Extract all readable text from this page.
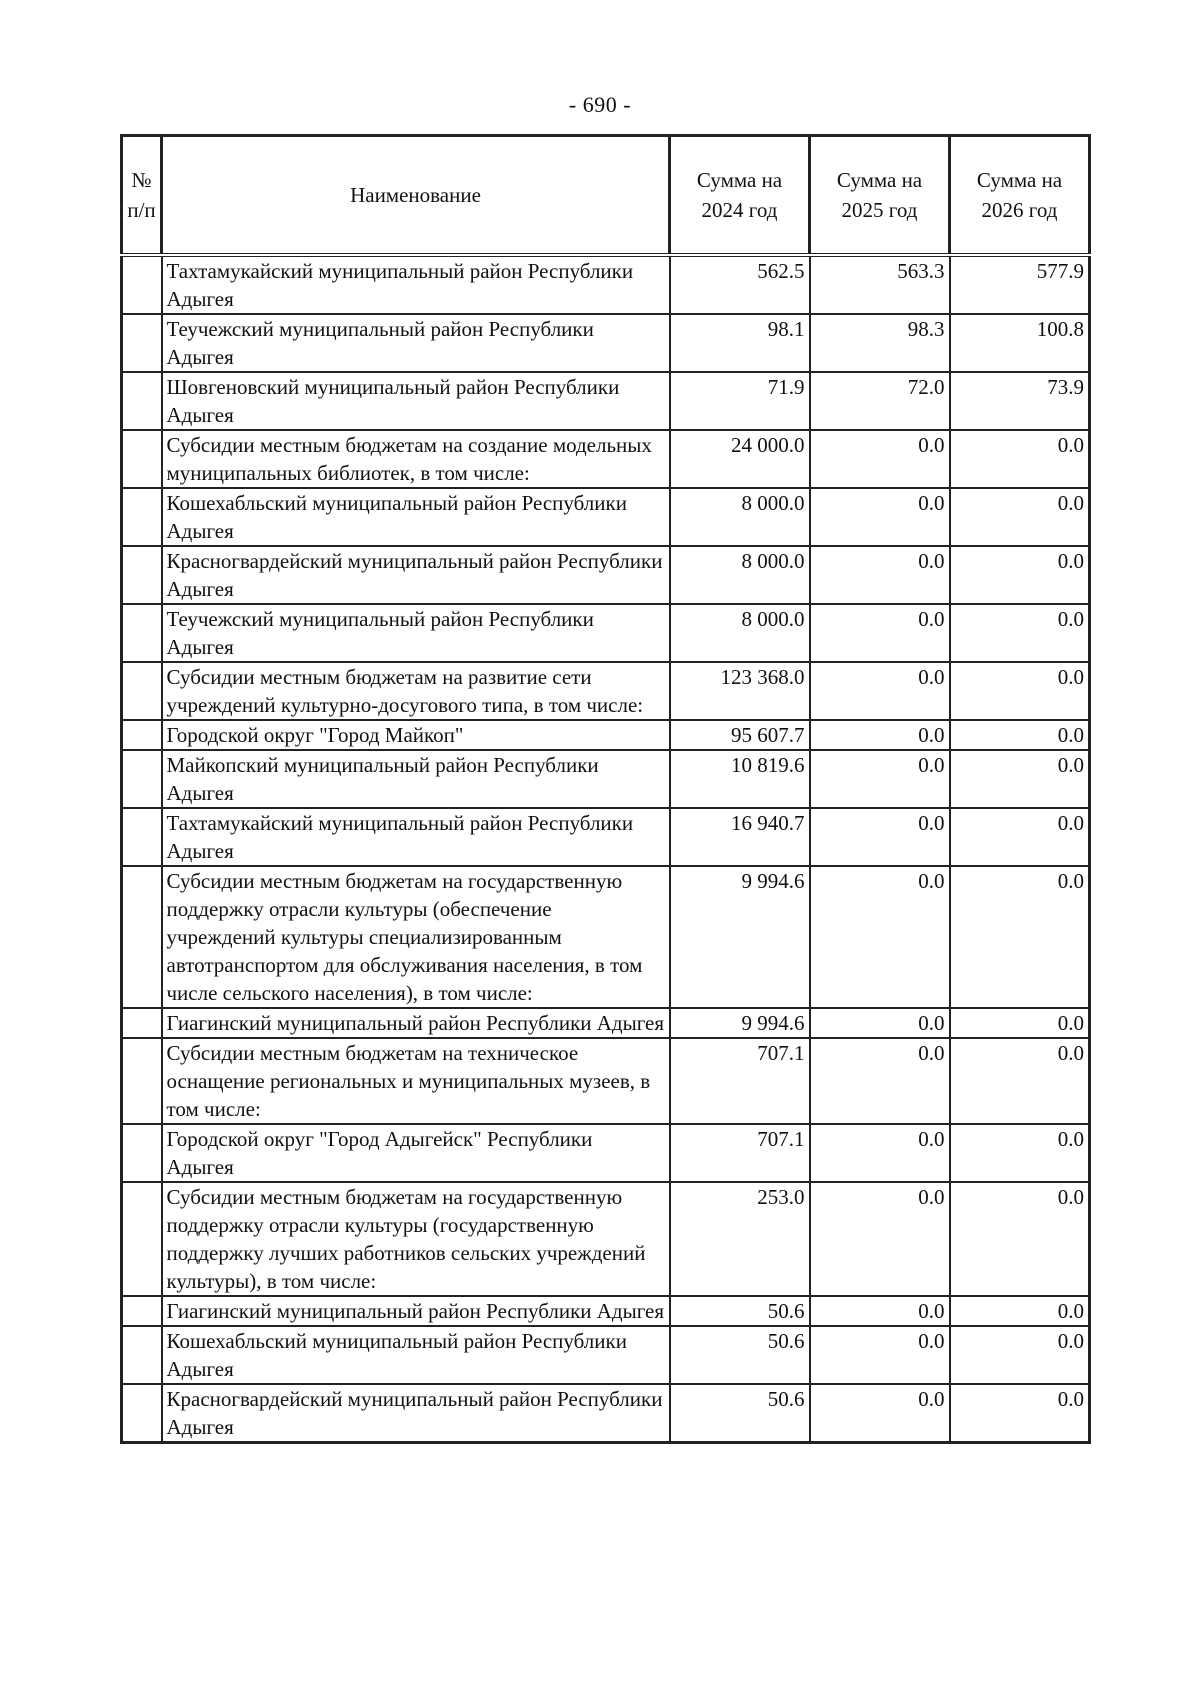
- 690 -
№ п/п	Наименование	Сумма на 2024 год	Сумма на 2025 год	Сумма на 2026 год
	Тахтамукайский муниципальный район Республики Адыгея	562.5	563.3	577.9
	Теучежский муниципальный район Республики Адыгея	98.1	98.3	100.8
	Шовгеновский муниципальный район Республики Адыгея	71.9	72.0	73.9
	Субсидии местным бюджетам на создание модельных муниципальных библиотек, в том числе:	24 000.0	0.0	0.0
	Кошехабльский муниципальный район Республики Адыгея	8 000.0	0.0	0.0
	Красногвардейский муниципальный район Республики Адыгея	8 000.0	0.0	0.0
	Теучежский муниципальный район Республики Адыгея	8 000.0	0.0	0.0
	Субсидии местным бюджетам на развитие сети учреждений культурно-досугового типа, в том числе:	123 368.0	0.0	0.0
	Городской округ "Город Майкоп"	95 607.7	0.0	0.0
	Майкопский муниципальный район Республики Адыгея	10 819.6	0.0	0.0
	Тахтамукайский муниципальный район Республики Адыгея	16 940.7	0.0	0.0
	Субсидии местным бюджетам на государственную поддержку отрасли культуры (обеспечение учреждений культуры специализированным автотранспортом для обслуживания населения, в том числе сельского населения), в том числе:	9 994.6	0.0	0.0
	Гиагинский муниципальный район Республики Адыгея	9 994.6	0.0	0.0
	Субсидии местным бюджетам на техническое оснащение региональных и муниципальных музеев, в том числе:	707.1	0.0	0.0
	Городской округ "Город Адыгейск" Республики Адыгея	707.1	0.0	0.0
	Субсидии местным бюджетам на государственную поддержку отрасли культуры (государственную поддержку лучших работников сельских учреждений культуры), в том числе:	253.0	0.0	0.0
	Гиагинский муниципальный район Республики Адыгея	50.6	0.0	0.0
	Кошехабльский муниципальный район Республики Адыгея	50.6	0.0	0.0
	Красногвардейский муниципальный район Республики Адыгея	50.6	0.0	0.0
